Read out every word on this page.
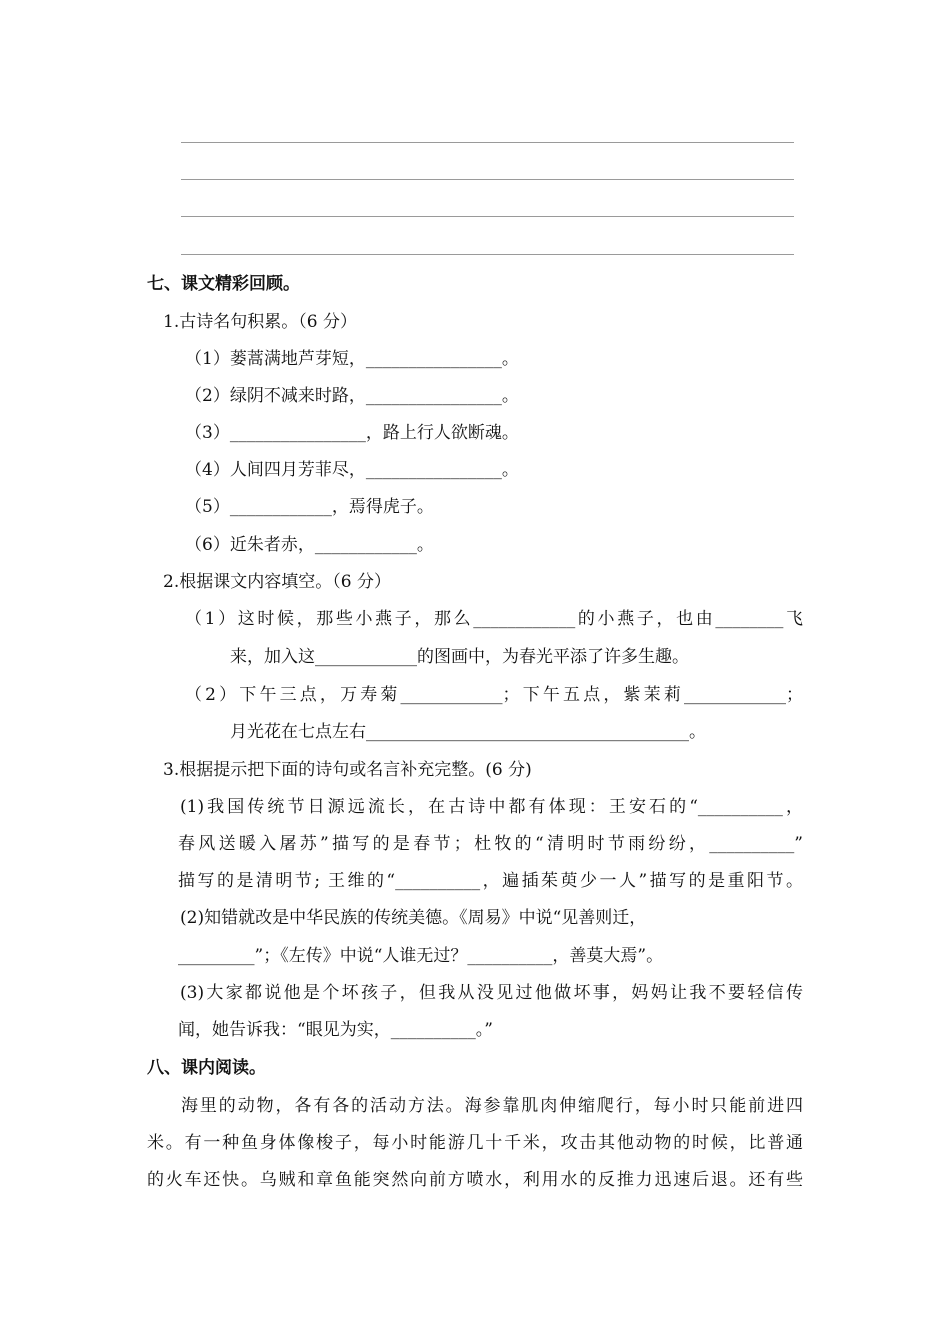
七、课文精彩回顾。
1.古诗名句积累。（6 分）
（1）蒌蒿满地芦芽短，________________。
（2）绿阴不减来时路，________________。
（3）________________，路上行人欲断魂。
（4）人间四月芳菲尽，________________。
（5）____________，焉得虎子。
（6）近朱者赤，____________。
2.根据课文内容填空。（6 分）
（1）这时候，那些小燕子，那么____________的小燕子，也由________飞
来，加入这____________的图画中，为春光平添了许多生趣。
（2）下午三点，万寿菊____________；下午五点，紫茉莉____________；
月光花在七点左右______________________________________。
3.根据提示把下面的诗句或名言补充完整。(6 分)
(1)我国传统节日源远流长，在古诗中都有体现：王安石的“__________，
春风送暖入屠苏”描写的是春节；杜牧的“清明时节雨纷纷，__________”
描写的是清明节; 王维的“__________，遍插茱萸少一人”描写的是重阳节。
(2)知错就改是中华民族的传统美德。《周易》中说“见善则迁，
_________”；《左传》中说“人谁无过？__________，善莫大焉”。
(3)大家都说他是个坏孩子，但我从没见过他做坏事，妈妈让我不要轻信传
闻，她告诉我：“眼见为实，__________。”
八、课内阅读。
海里的动物，各有各的活动方法。海参靠肌肉伸缩爬行，每小时只能前进四
米。有一种鱼身体像梭子，每小时能游几十千米，攻击其他动物的时候，比普通
的火车还快。乌贼和章鱼能突然向前方喷水，利用水的反推力迅速后退。还有些
